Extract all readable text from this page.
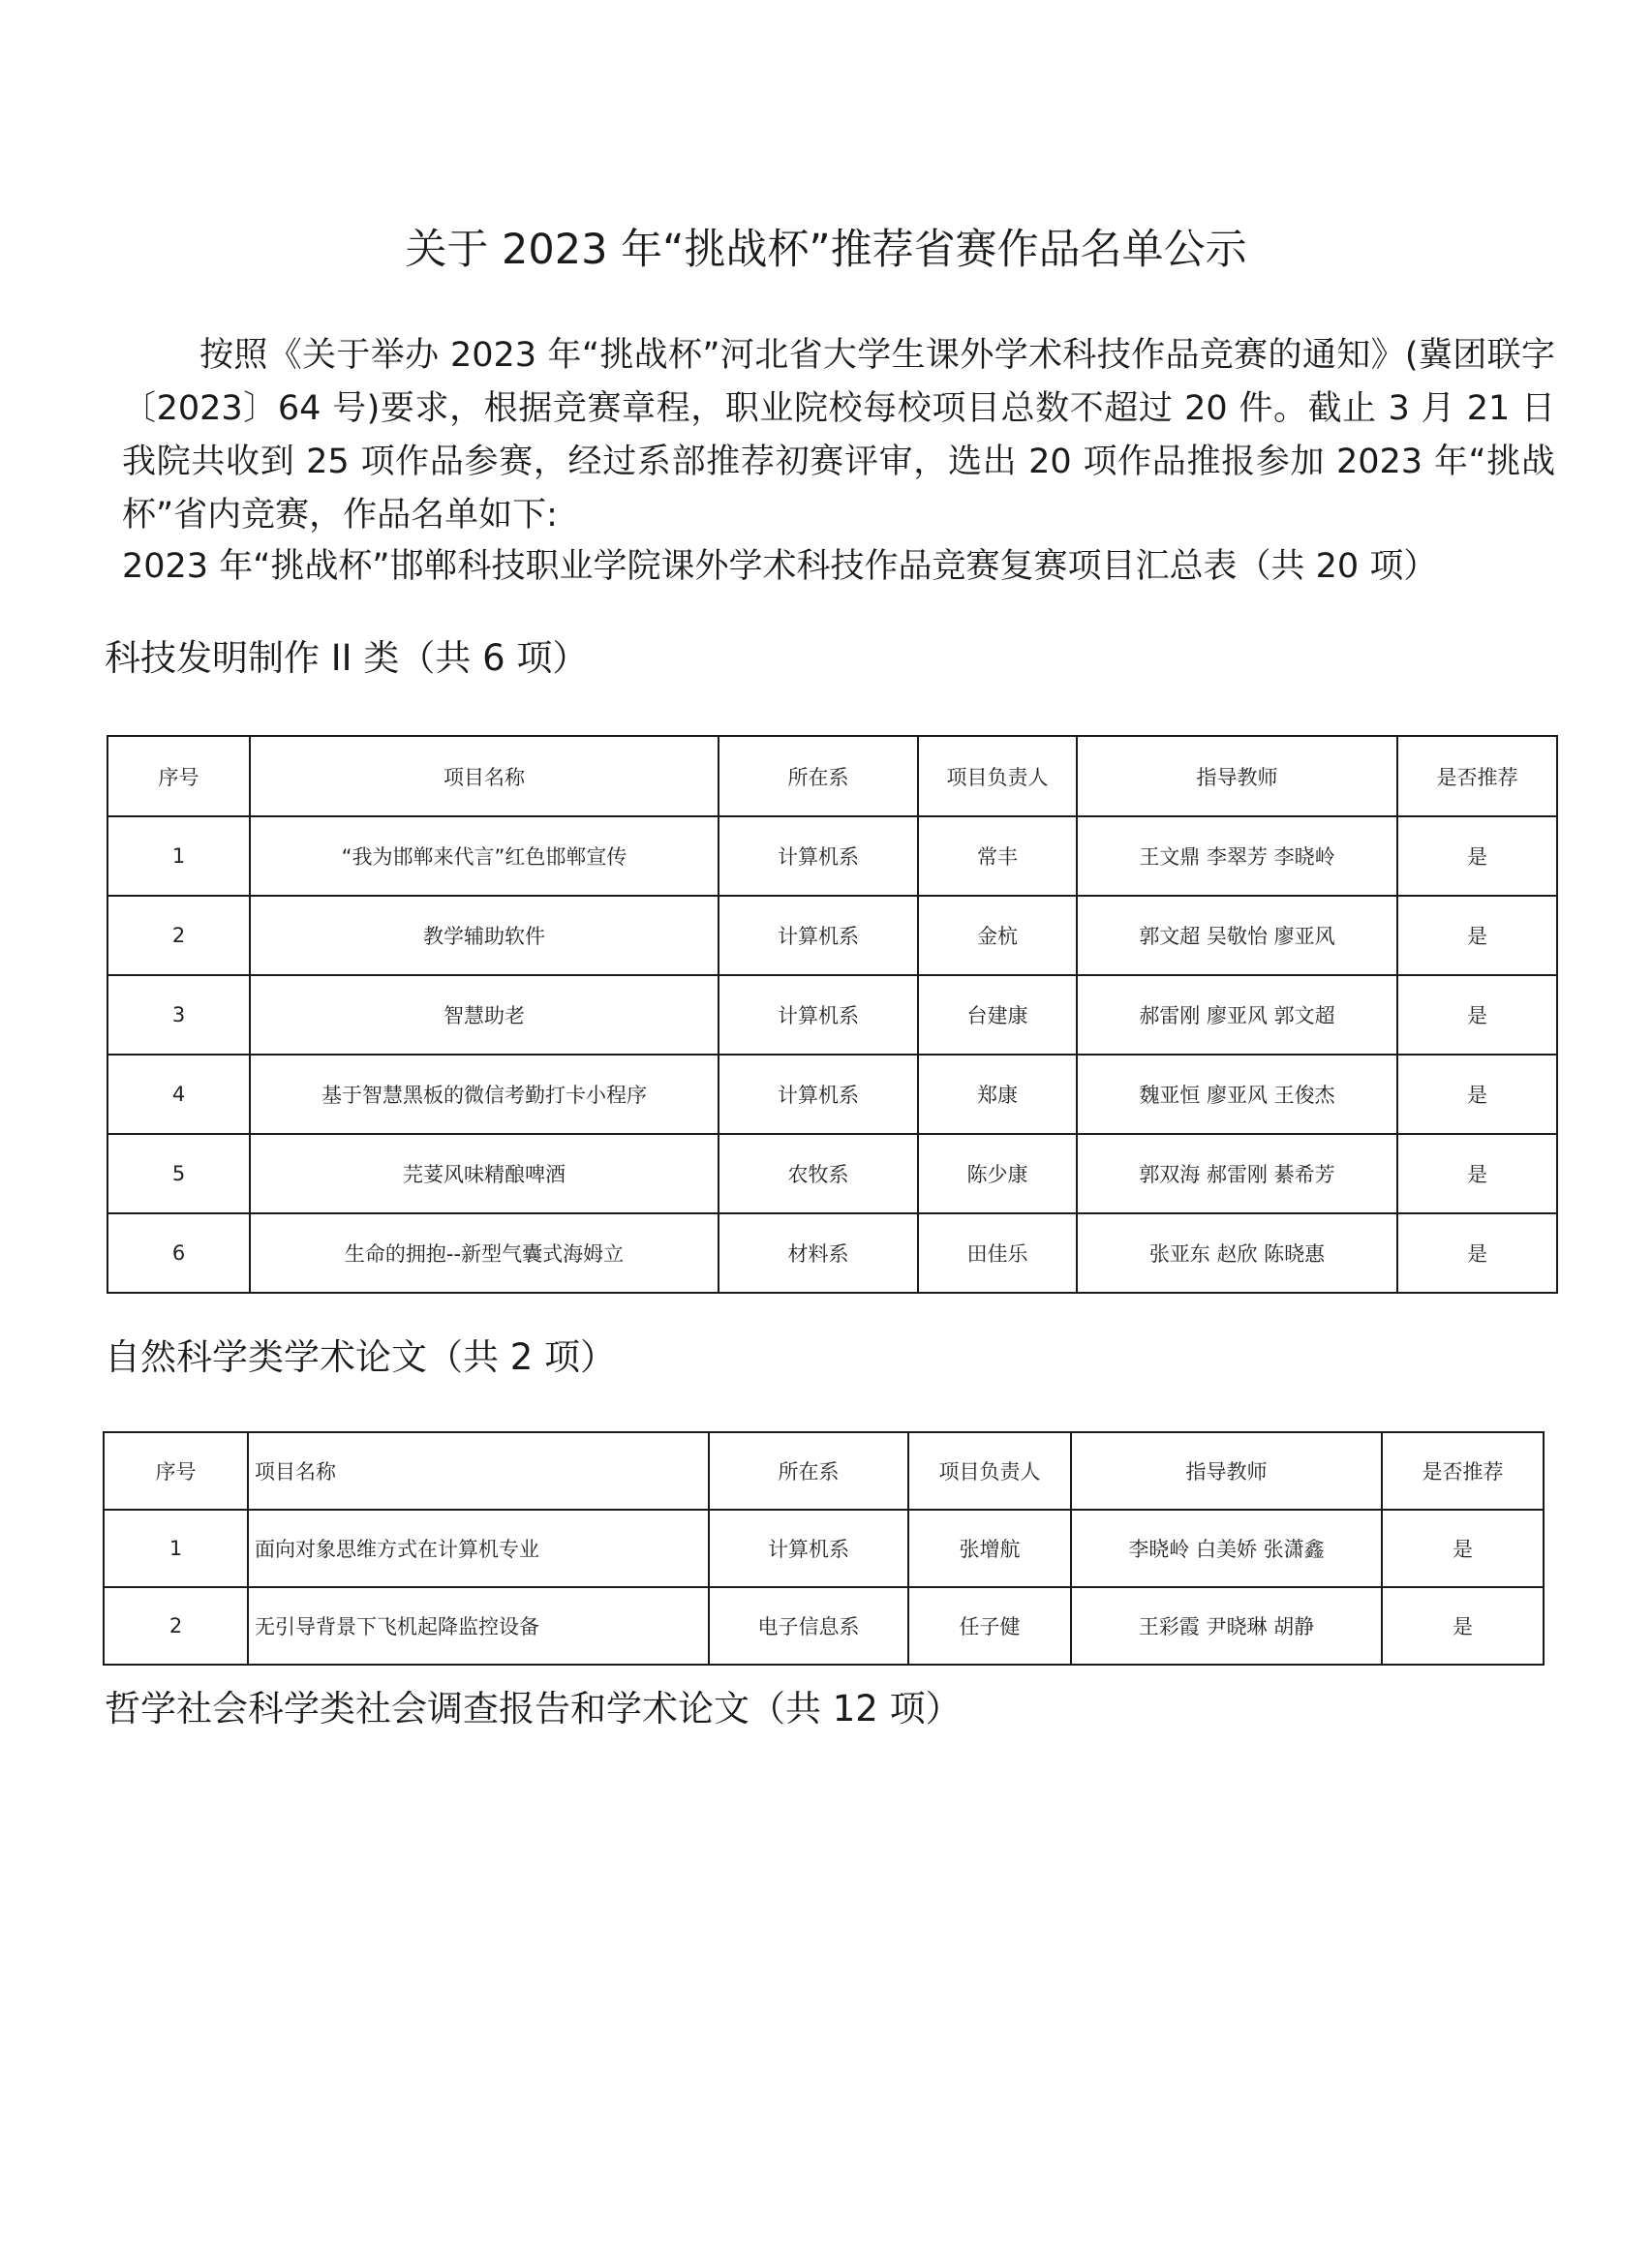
关于 2023 年“挑战杯”推荐省赛作品名单公示

按照《关于举办 2023 年“挑战杯”河北省大学生课外学术科技作品竞赛的通知》(冀团联字〔2023〕64 号)要求，根据竞赛章程，职业院校每校项目总数不超过 20 件。截止 3 月 21 日我院共收到 25 项作品参赛，经过系部推荐初赛评审，选出 20 项作品推报参加 2023 年“挑战杯”省内竞赛，作品名单如下:

2023 年“挑战杯”邯郸科技职业学院课外学术科技作品竞赛复赛项目汇总表（共 20 项）
科技发明制作 II 类（共 6 项）
序号	项目名称	所在系	项目负责人	指导教师	是否推荐
1	“我为邯郸来代言”红色邯郸宣传	计算机系	常丰	王文鼎 李翠芳 李晓岭	是
2	教学辅助软件	计算机系	金杭	郭文超 吴敬怡 廖亚风	是
3	智慧助老	计算机系	台建康	郝雷刚 廖亚风 郭文超	是
4	基于智慧黑板的微信考勤打卡小程序	计算机系	郑康	魏亚恒 廖亚风 王俊杰	是
5	芫荽风味精酿啤酒	农牧系	陈少康	郭双海 郝雷刚 綦希芳	是
6	生命的拥抱--新型气囊式海姆立	材料系	田佳乐	张亚东 赵欣 陈晓惠	是
自然科学类学术论文（共 2 项）
序号	项目名称	所在系	项目负责人	指导教师	是否推荐
1	面向对象思维方式在计算机专业	计算机系	张增航	李晓岭 白美娇 张潇鑫	是
2	无引导背景下飞机起降监控设备	电子信息系	任子健	王彩霞 尹晓琳 胡静	是
哲学社会科学类社会调查报告和学术论文（共 12 项）
